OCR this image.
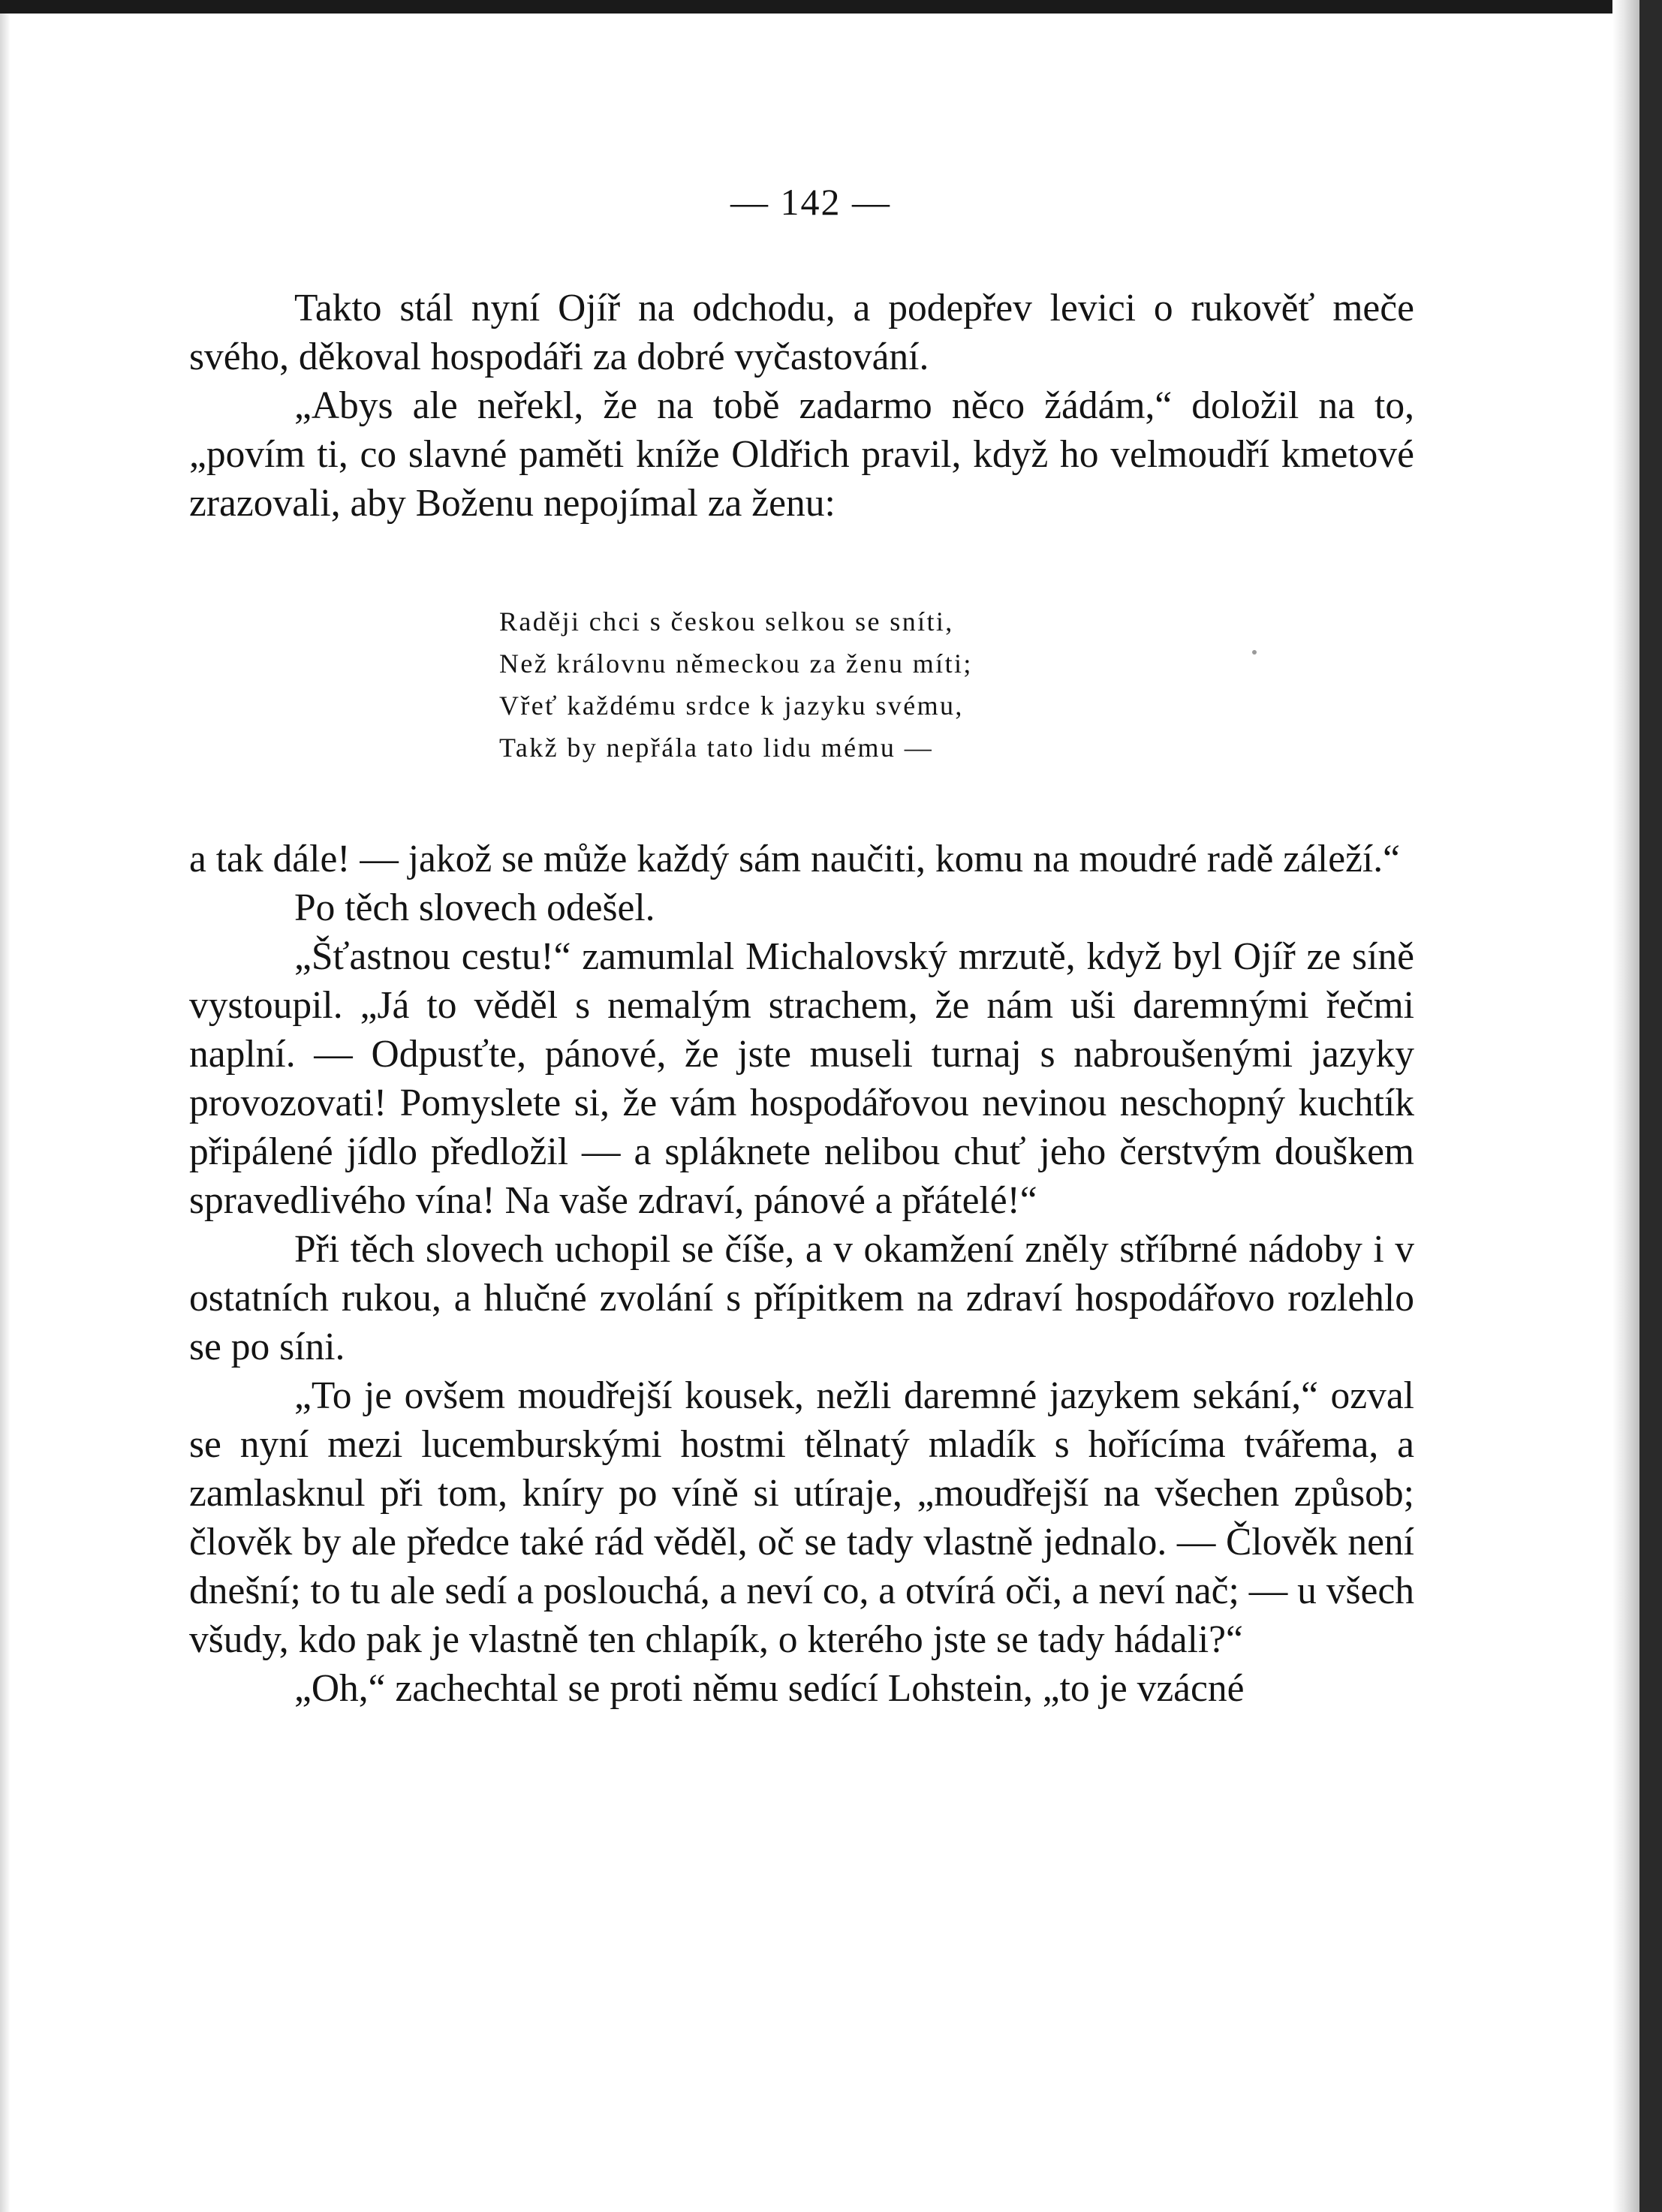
— 142 —

Takto stál nyní Ojíř na odchodu, a podepřev levici o rukověť meče svého, děkoval hospodáři za dobré vyčastování.

„Abys ale neřekl, že na tobě zadarmo něco žádám,“ doložil na to, „povím ti, co slavné paměti kníže Oldřich pravil, když ho velmoudří kmetové zrazovali, aby Boženu nepojímal za ženu:

Raději chci s českou selkou se sníti,
Než královnu německou za ženu míti;
Vřeť každému srdce k jazyku svému,
Takž by nepřála tato lidu mému —

a tak dále! — jakož se může každý sám naučiti, komu na moudré radě záleží.“

Po těch slovech odešel.

„Šťastnou cestu!“ zamumlal Michalovský mrzutě, když byl Ojíř ze síně vystoupil. „Já to věděl s nemalým strachem, že nám uši daremnými řečmi naplní. — Odpusťte, pánové, že jste museli turnaj s nabroušenými jazyky provozovati! Pomyslete si, že vám hospodářovou nevinou neschopný kuchtík připálené jídlo předložil — a spláknete nelibou chuť jeho čerstvým douškem spravedlivého vína! Na vaše zdraví, pánové a přátelé!“

Při těch slovech uchopil se číše, a v okamžení zněly stříbrné nádoby i v ostatních rukou, a hlučné zvolání s přípitkem na zdraví hospodářovo rozlehlo se po síni.

„To je ovšem moudřejší kousek, nežli daremné jazykem sekání,“ ozval se nyní mezi lucemburskými hostmi tělnatý mladík s hořícíma tvářema, a zamlasknul při tom, kníry po víně si utíraje, „moudřejší na všechen způsob; člověk by ale předce také rád věděl, oč se tady vlastně jednalo. — Člověk není dnešní; to tu ale sedí a poslouchá, a neví co, a otvírá oči, a neví nač; — u všech všudy, kdo pak je vlastně ten chlapík, o kterého jste se tady hádali?“

„Oh,“ zachechtal se proti němu sedící Lohstein, „to je vzácné
